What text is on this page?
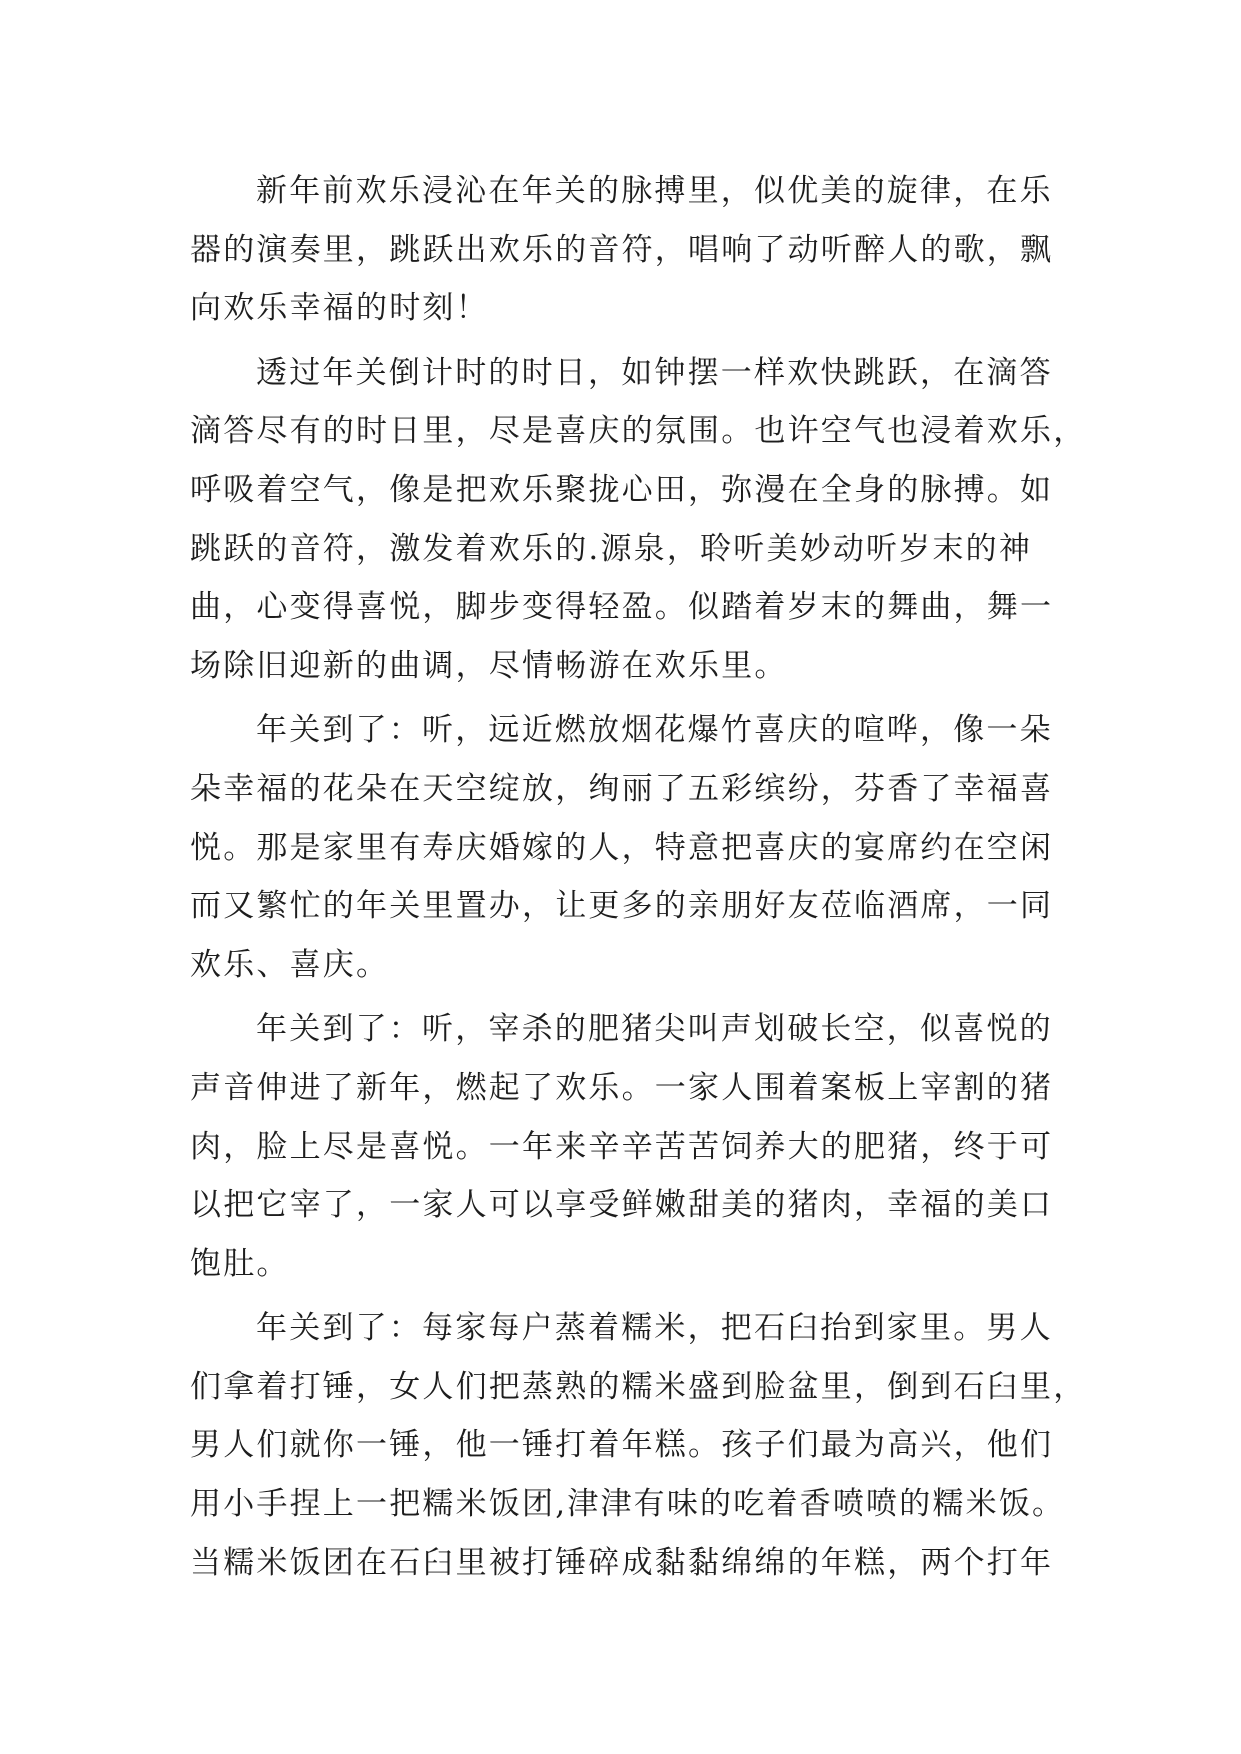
新年前欢乐浸沁在年关的脉搏里，似优美的旋律，在乐
器的演奏里，跳跃出欢乐的音符，唱响了动听醉人的歌，飘
向欢乐幸福的时刻！
透过年关倒计时的时日，如钟摆一样欢快跳跃，在滴答
滴答尽有的时日里，尽是喜庆的氛围。也许空气也浸着欢乐，
呼吸着空气，像是把欢乐聚拢心田，弥漫在全身的脉搏。如
跳跃的音符，激发着欢乐的.源泉，聆听美妙动听岁末的神
曲，心变得喜悦，脚步变得轻盈。似踏着岁末的舞曲，舞一
场除旧迎新的曲调，尽情畅游在欢乐里。
年关到了：听，远近燃放烟花爆竹喜庆的喧哗，像一朵
朵幸福的花朵在天空绽放，绚丽了五彩缤纷，芬香了幸福喜
悦。那是家里有寿庆婚嫁的人，特意把喜庆的宴席约在空闲
而又繁忙的年关里置办，让更多的亲朋好友莅临酒席，一同
欢乐、喜庆。
年关到了：听，宰杀的肥猪尖叫声划破长空，似喜悦的
声音伸进了新年，燃起了欢乐。一家人围着案板上宰割的猪
肉，脸上尽是喜悦。一年来辛辛苦苦饲养大的肥猪，终于可
以把它宰了，一家人可以享受鲜嫩甜美的猪肉，幸福的美口
饱肚。
年关到了：每家每户蒸着糯米，把石臼抬到家里。男人
们拿着打锤，女人们把蒸熟的糯米盛到脸盆里，倒到石臼里，
男人们就你一锤，他一锤打着年糕。孩子们最为高兴，他们
用小手捏上一把糯米饭团,津津有味的吃着香喷喷的糯米饭。
当糯米饭团在石臼里被打锤碎成黏黏绵绵的年糕，两个打年
